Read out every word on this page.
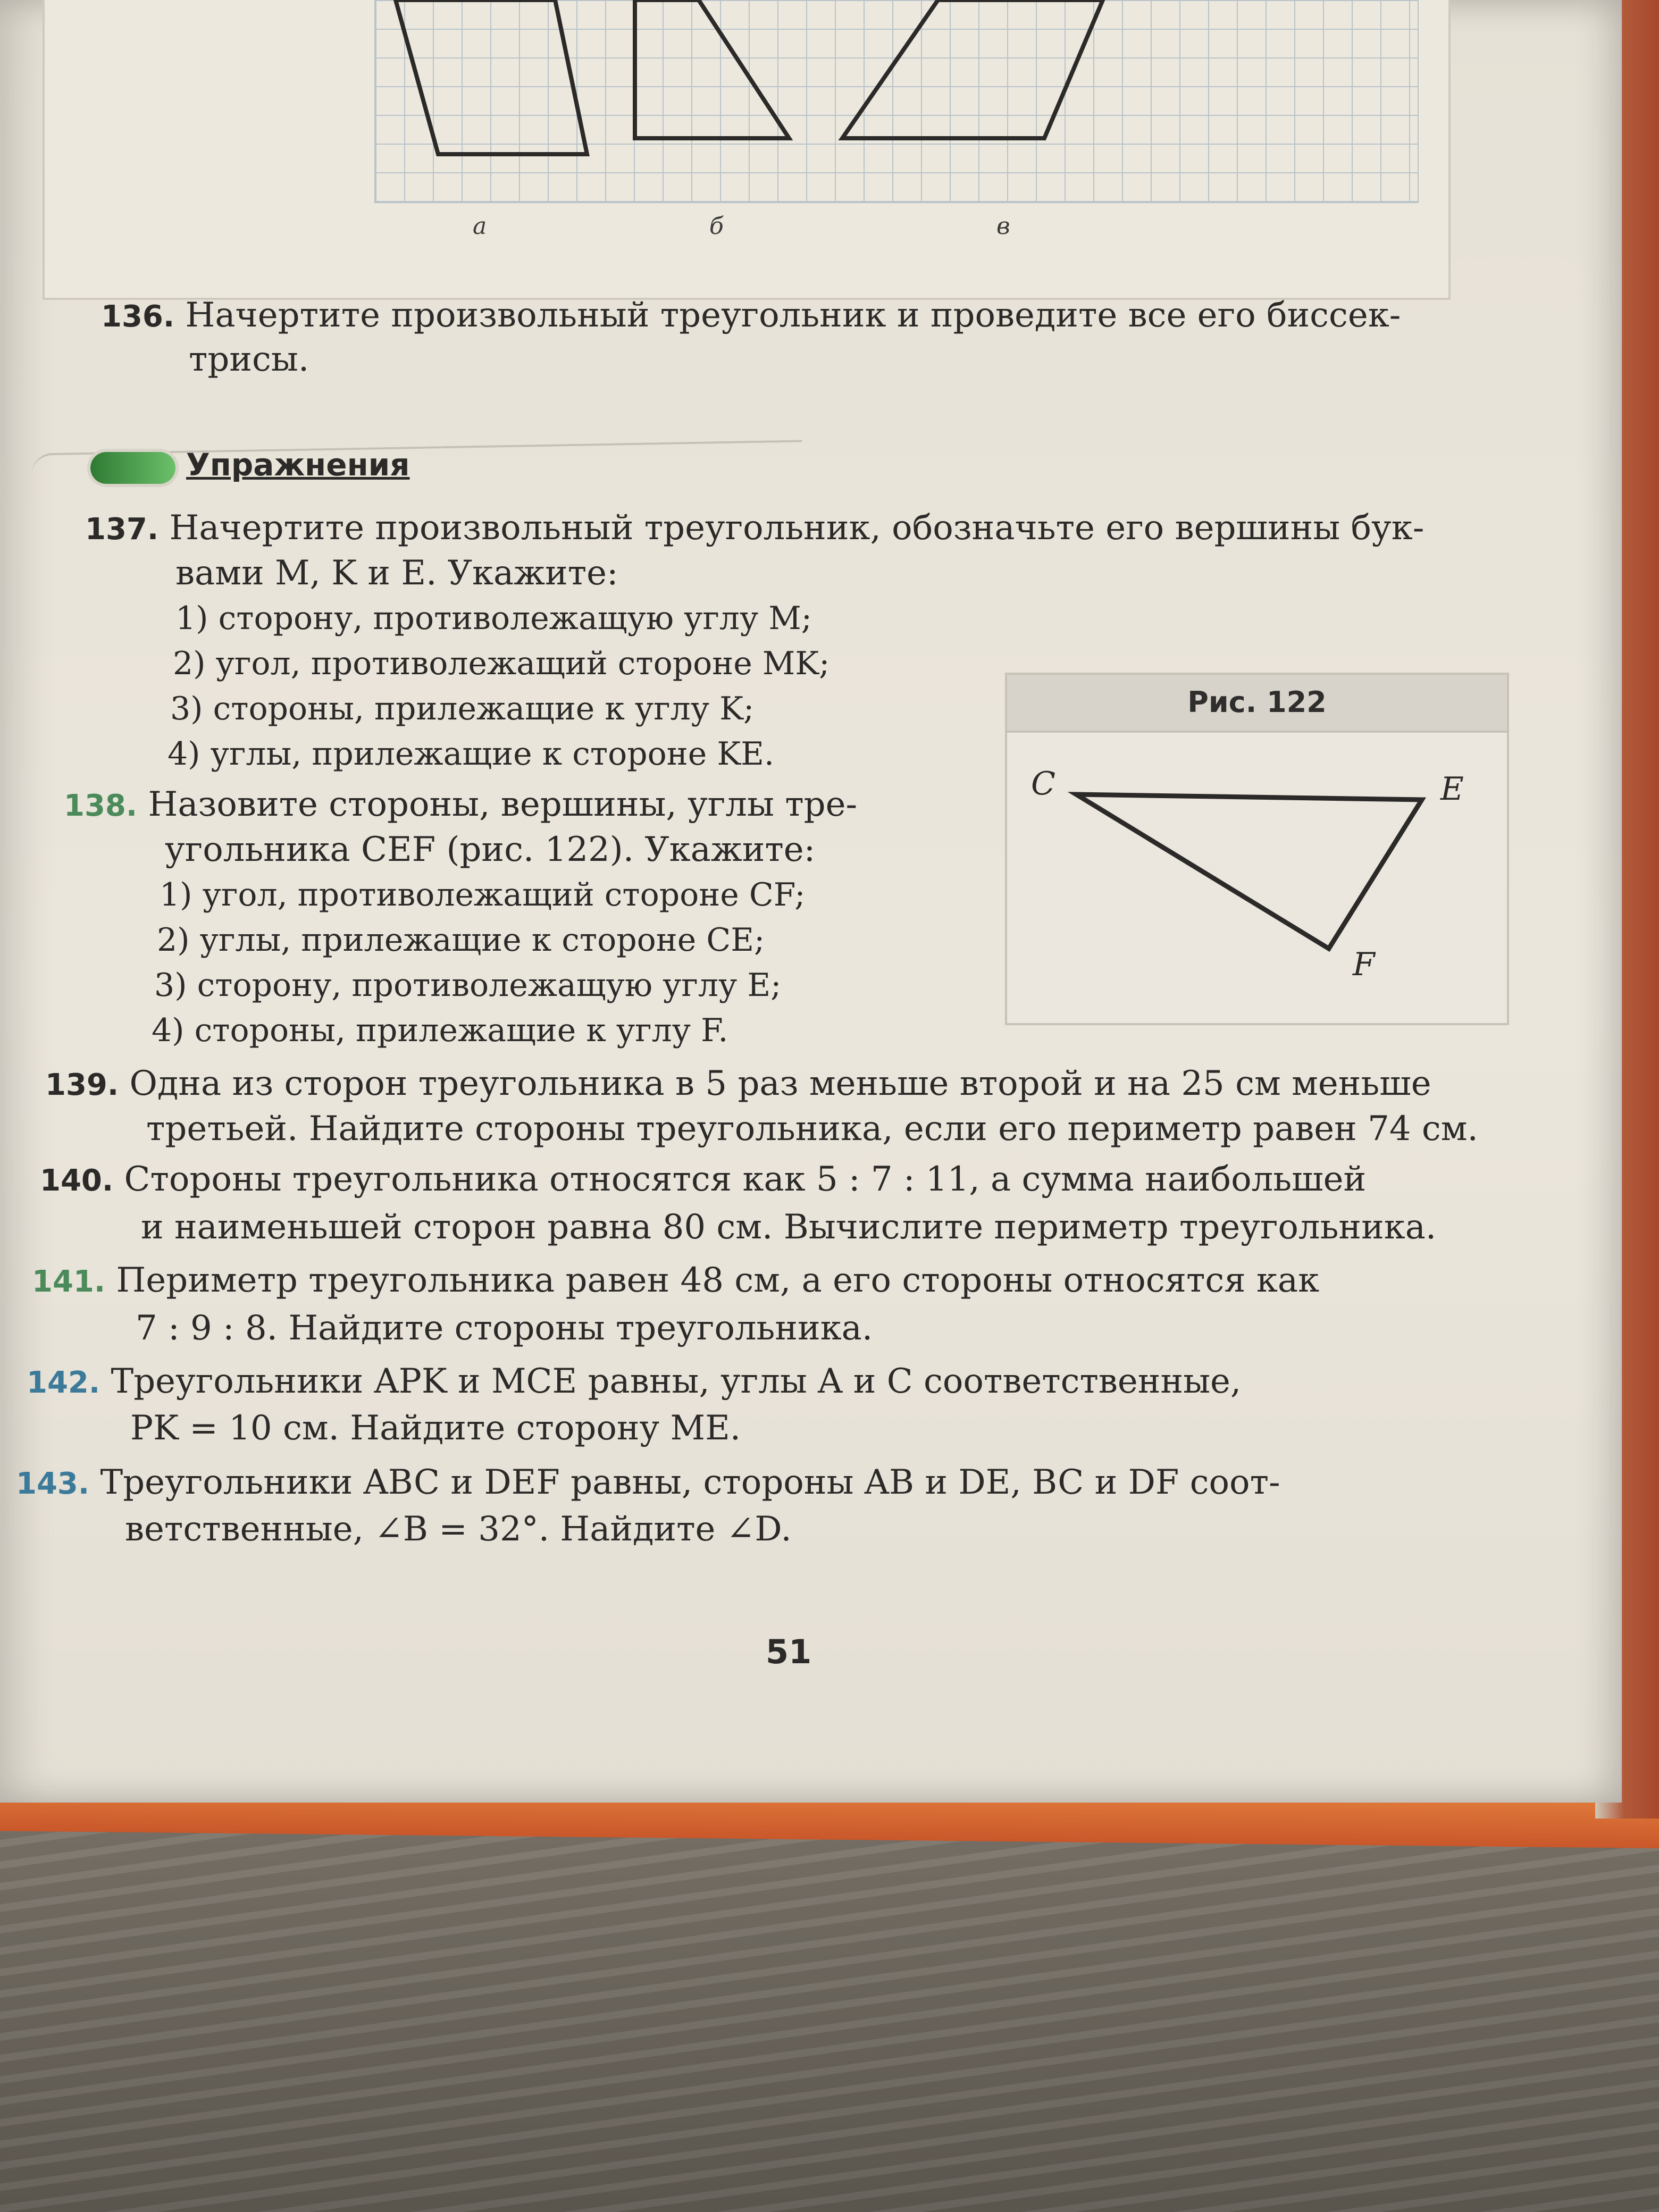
а	б	в
136. Начертите произвольный треугольник и проведите все его биссек-
трисы.
Упражнения
137. Начертите произвольный треугольник, обозначьте его вершины бук-
вами M, K и E. Укажите:
1) сторону, противолежащую углу M;
2) угол, противолежащий стороне MK;
3) стороны, прилежащие к углу K;
4) углы, прилежащие к стороне KE.
138. Назовите стороны, вершины, углы тре-
угольника CEF (рис. 122). Укажите:
1) угол, противолежащий стороне CF;
2) углы, прилежащие к стороне CE;
3) сторону, противолежащую углу E;
4) стороны, прилежащие к углу F.
Рис. 122
C	E
F
139. Одна из сторон треугольника в 5 раз меньше второй и на 25 см меньше
третьей. Найдите стороны треугольника, если его периметр равен 74 см.
140. Стороны треугольника относятся как 5 : 7 : 11, а сумма наибольшей
и наименьшей сторон равна 80 см. Вычислите периметр треугольника.
141. Периметр треугольника равен 48 см, а его стороны относятся как
7 : 9 : 8. Найдите стороны треугольника.
142. Треугольники APK и MCE равны, углы A и C соответственные,
PK = 10 см. Найдите сторону ME.
143. Треугольники ABC и DEF равны, стороны AB и DE, BC и DF соот-
ветственные, ∠B = 32°. Найдите ∠D.
51
